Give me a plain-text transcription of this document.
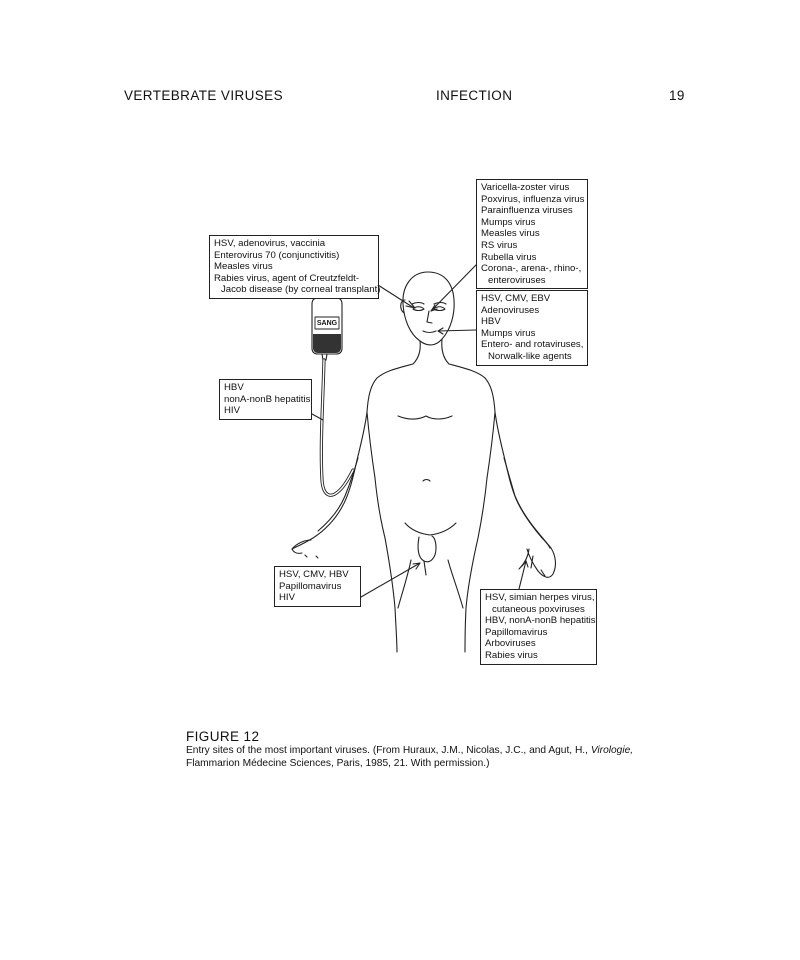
VERTEBRATE VIRUSES	INFECTION	19
SANG
HSV, adenovirus, vaccinia
Enterovirus 70 (conjunctivitis)
Measles virus
Rabies virus, agent of Creutzfeldt-
Jacob disease (by corneal transplant)
Varicella-zoster virus
Poxvirus, influenza virus
Parainfluenza viruses
Mumps virus
Measles virus
RS virus
Rubella virus
Corona-, arena-, rhino-,
enteroviruses
HSV, CMV, EBV
Adenoviruses
HBV
Mumps virus
Entero- and rotaviruses,
Norwalk-like agents
HBV
nonA-nonB hepatitis
HIV
HSV, CMV, HBV
Papillomavirus
HIV	HSV, simian herpes virus,
cutaneous poxviruses
HBV, nonA-nonB hepatitis
Papillomavirus
Arboviruses
Rabies virus
FIGURE 12
Entry sites of the most important viruses. (From Huraux, J.M., Nicolas, J.C., and Agut, H., Virologie, Flammarion Médecine Sciences, Paris, 1985, 21. With permission.)
